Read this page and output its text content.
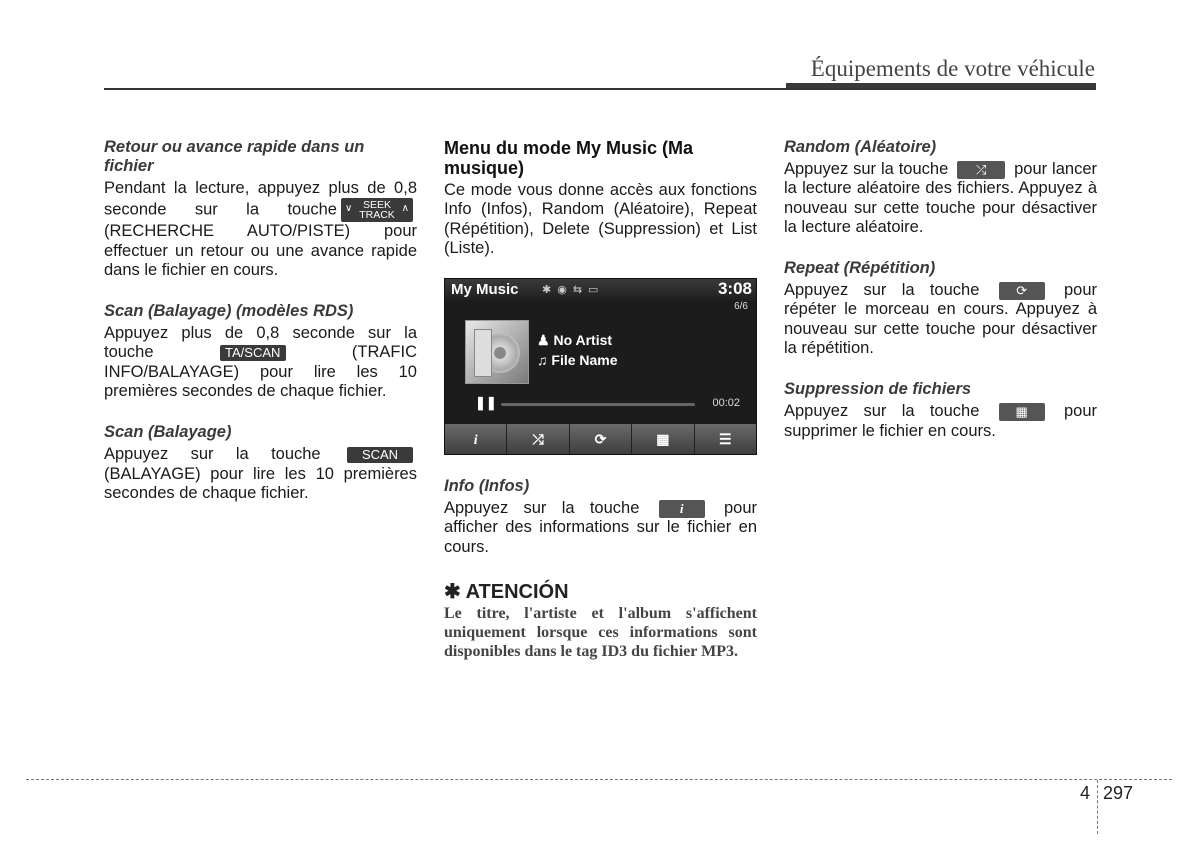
Équipements de votre véhicule
Retour ou avance rapide dans un fichier
Pendant la lecture, appuyez plus de 0,8 seconde sur la touche ∨ SEEK
TRACK
∧
(RECHERCHE AUTO/PISTE) pour effectuer un retour ou une avance rapide dans le fichier en cours.
Scan (Balayage) (modèles RDS)
Appuyez plus de 0,8 seconde sur la touche	TA/SCAN	(TRAFIC INFO/BALAYAGE) pour lire les 10 premières secondes de chaque fichier.
Scan (Balayage)
Appuyez sur la touche	SCAN (BALAYAGE) pour lire les 10 premières secondes de chaque fichier.
Menu du mode My Music (Ma musique)
Ce mode vous donne accès aux fonctions Info (Infos), Random (Aléatoire), Repeat (Répétition), Delete (Suppression) et List (Liste).
My Music ✱◉⇆▭	3:08
6/6
♟ No Artist
♫ File Name
❚❚	00:02
i	⤮	⟳	▦	☰
Info (Infos)
Appuyez sur la touche	i pour afficher des informations sur le fichier en cours.
✱ ATENCIÓN
Le titre, l'artiste et l'album s'affichent uniquement lorsque ces informations sont disponibles dans le tag ID3 du fichier MP3.
Random (Aléatoire)
Appuyez sur la touche ⤮ pour lancer la lecture aléatoire des fichiers. Appuyez à nouveau sur cette touche pour désactiver la lecture aléatoire.
Repeat (Répétition)
Appuyez sur la touche	⟳ pour répéter le morceau en cours. Appuyez à nouveau sur cette touche pour désactiver la répétition.
Suppression de fichiers
Appuyez sur la touche	▦ pour supprimer le fichier en cours.
4 297
